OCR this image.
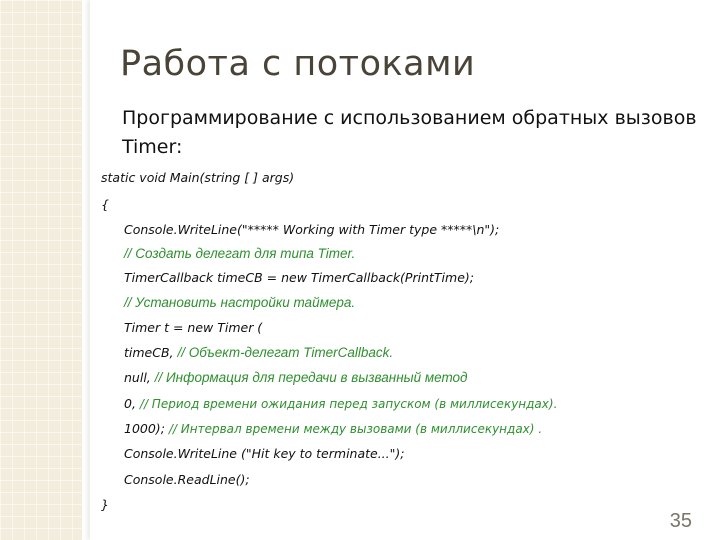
Работа с потоками
Программирование с использованием обратных вызовов Timer:
static void Main(string [ ] args)
{
Console.WriteLine("***** Working with Timer type *****\n");
// Создать делегат для типа Timer.
TimerCallback timeCB = new TimerCallback(PrintTime);
// Установить настройки таймера.
Timer t = new Timer (
timeCB, // Объект-делегат TimerCallback.
null, // Информация для передачи в вызванный метод
0, // Период времени ожидания перед запуском (в миллисекундах).
1000); // Интервал времени между вызовами (в миллисекундах) .
Console.WriteLine ("Hit key to terminate...");
Console.ReadLine();
}
35
